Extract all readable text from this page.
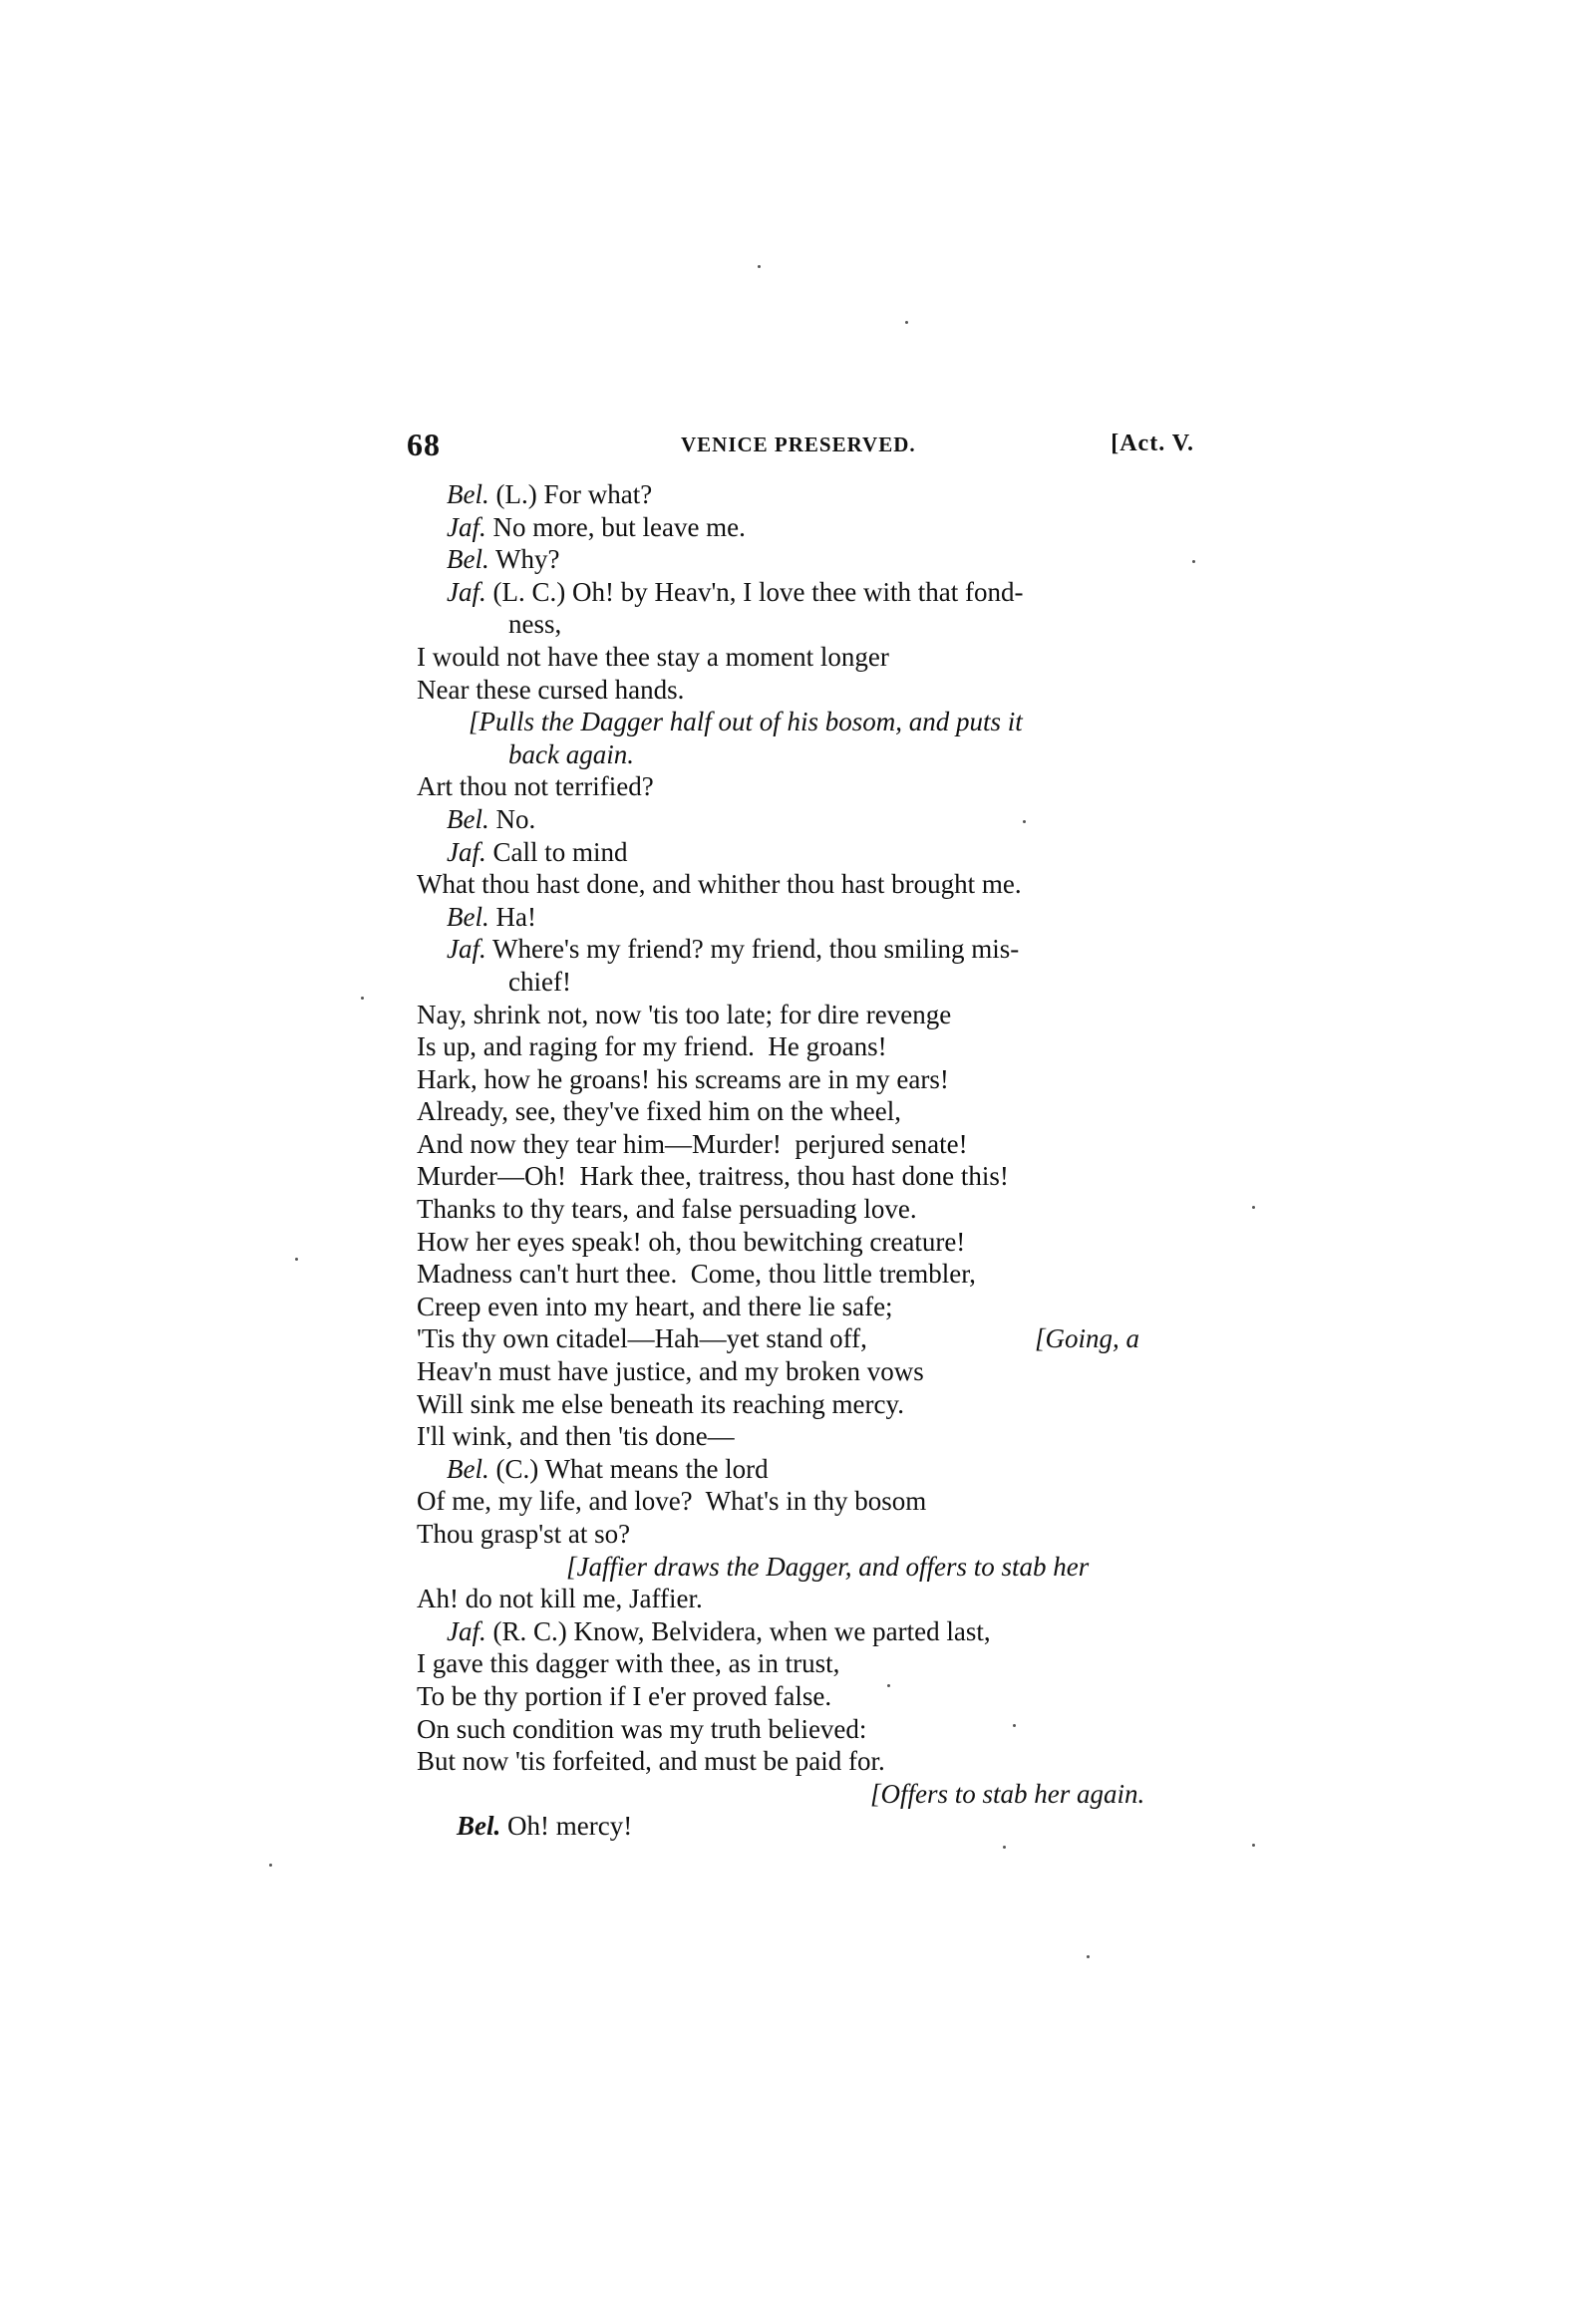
68	VENICE PRESERVED.	[Act. V.
Bel. (L.) For what?
Jaf. No more, but leave me.
Bel. Why?
Jaf. (L. C.) Oh! by Heav'n, I love thee with that fond-
ness,
I would not have thee stay a moment longer
Near these cursed hands.
[Pulls the Dagger half out of his bosom, and puts it
back again.
Art thou not terrified?
Bel. No.
Jaf. Call to mind
What thou hast done, and whither thou hast brought me.
Bel. Ha!
Jaf. Where's my friend? my friend, thou smiling mis-
chief!
Nay, shrink not, now 'tis too late; for dire revenge
Is up, and raging for my friend.  He groans!
Hark, how he groans! his screams are in my ears!
Already, see, they've fixed him on the wheel,
And now they tear him—Murder!  perjured senate!
Murder—Oh!  Hark thee, traitress, thou hast done this!
Thanks to thy tears, and false persuading love.
How her eyes speak! oh, thou bewitching creature!
Madness can't hurt thee.  Come, thou little trembler,
Creep even into my heart, and there lie safe;
'Tis thy own citadel—Hah—yet stand off,	[Going, a
Heav'n must have justice, and my broken vows
Will sink me else beneath its reaching mercy.
I'll wink, and then 'tis done—
Bel. (C.) What means the lord
Of me, my life, and love?  What's in thy bosom
Thou grasp'st at so?
[Jaffier draws the Dagger, and offers to stab her
Ah! do not kill me, Jaffier.
Jaf. (R. C.) Know, Belvidera, when we parted last,
I gave this dagger with thee, as in trust,
To be thy portion if I e'er proved false.
On such condition was my truth believed:
But now 'tis forfeited, and must be paid for.
[Offers to stab her again.
Bel. Oh! mercy!
